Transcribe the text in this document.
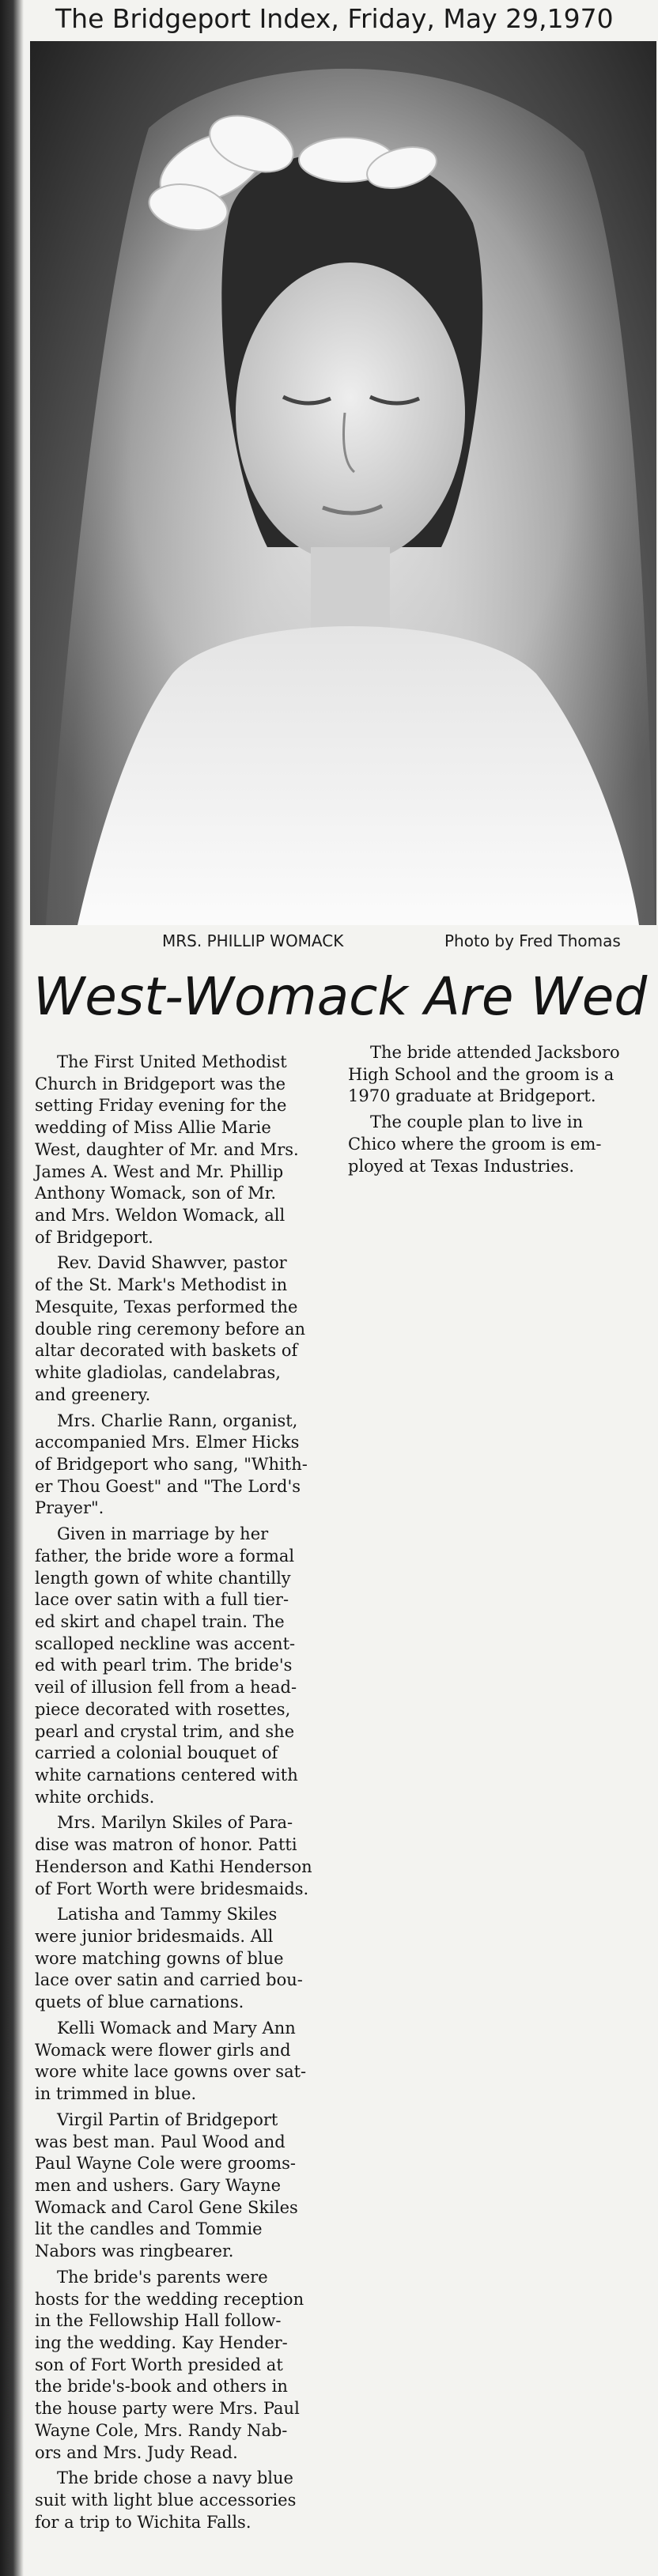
The Bridgeport Index, Friday, May 29,1970
MRS. PHILLIP WOMACK	Photo by Fred Thomas
West-Womack Are Wed

The First United Methodist
Church in Bridgeport was the
setting Friday evening for the
wedding of Miss Allie Marie
West, daughter of Mr. and Mrs.
James A. West and Mr. Phillip
Anthony Womack, son of Mr.
and Mrs. Weldon Womack, all
of Bridgeport.

Rev. David Shawver, pastor
of the St. Mark's Methodist in
Mesquite, Texas performed the
double ring ceremony before an
altar decorated with baskets of
white gladiolas, candelabras,
and greenery.

Mrs. Charlie Rann, organist,
accompanied Mrs. Elmer Hicks
of Bridgeport who sang, "Whith-
er Thou Goest" and "The Lord's
Prayer".

Given in marriage by her
father, the bride wore a formal
length gown of white chantilly
lace over satin with a full tier-
ed skirt and chapel train. The
scalloped neckline was accent-
ed with pearl trim. The bride's
veil of illusion fell from a head-
piece decorated with rosettes,
pearl and crystal trim, and she
carried a colonial bouquet of
white carnations centered with
white orchids.

Mrs. Marilyn Skiles of Para-
dise was matron of honor. Patti
Henderson and Kathi Henderson
of Fort Worth were bridesmaids.

Latisha and Tammy Skiles
were junior bridesmaids. All
wore matching gowns of blue
lace over satin and carried bou-
quets of blue carnations.

Kelli Womack and Mary Ann
Womack were flower girls and
wore white lace gowns over sat-
in trimmed in blue.

Virgil Partin of Bridgeport
was best man. Paul Wood and
Paul Wayne Cole were grooms-
men and ushers. Gary Wayne
Womack and Carol Gene Skiles
lit the candles and Tommie
Nabors was ringbearer.

The bride's parents were
hosts for the wedding reception
in the Fellowship Hall follow-
ing the wedding. Kay Hender-
son of Fort Worth presided at
the bride's-book and others in
the house party were Mrs. Paul
Wayne Cole, Mrs. Randy Nab-
ors and Mrs. Judy Read.

The bride chose a navy blue
suit with light blue accessories
for a trip to Wichita Falls.

The bride attended Jacksboro
High School and the groom is a
1970 graduate at Bridgeport.

The couple plan to live in
Chico where the groom is em-
ployed at Texas Industries.
